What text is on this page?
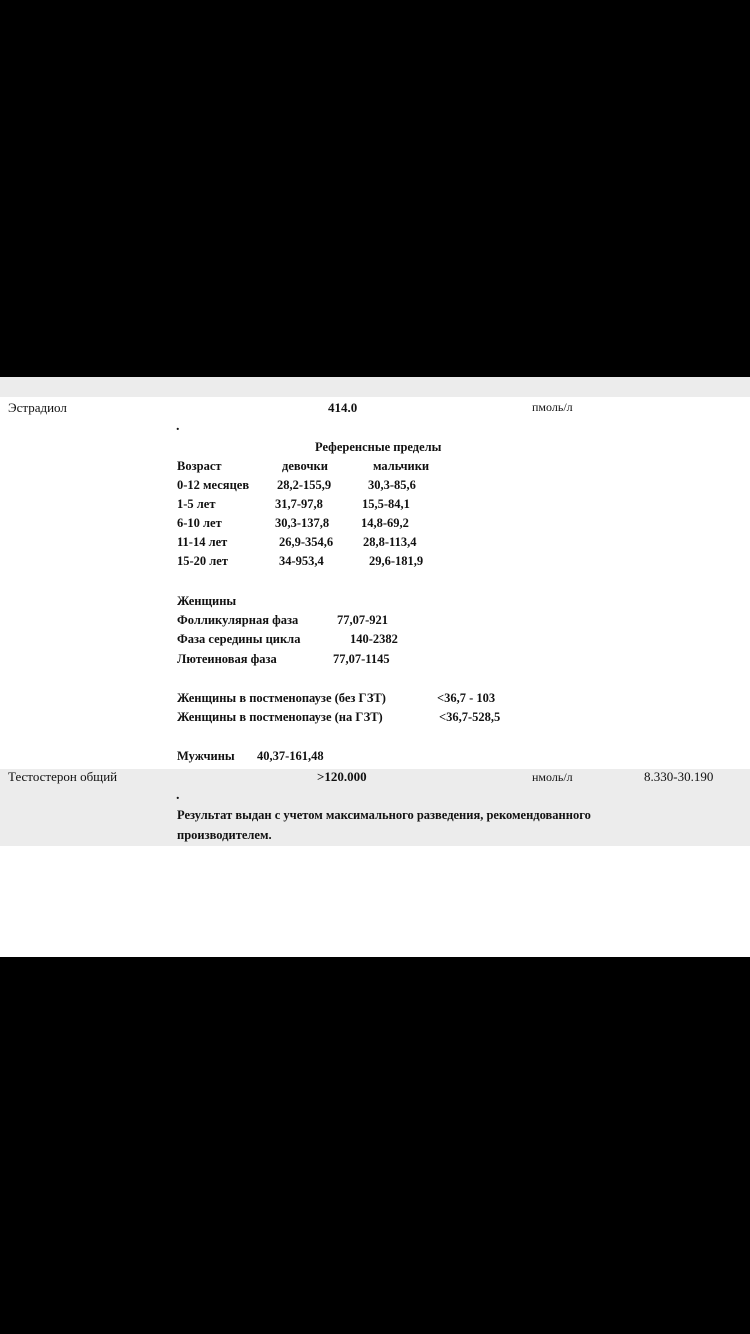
Эстрадиол	414.0	пмоль/л
.
Референсные пределы
Возраст	девочки	мальчики
0-12 месяцев 28,2-155,9	30,3-85,6
1-5 лет	31,7-97,8	15,5-84,1
6-10 лет	30,3-137,8	14,8-69,2
11-14 лет	26,9-354,6 28,8-113,4
15-20 лет	34-953,4	29,6-181,9
Женщины
Фолликулярная фаза	77,07-921
Фаза середины цикла	140-2382
Лютеиновая фаза	77,07-1145
Женщины в постменопаузе (без ГЗТ)	<36,7 - 103
Женщины в постменопаузе (на ГЗТ)	<36,7-528,5
Мужчины 40,37-161,48
Тестостерон общий	>120.000	нмоль/л	8.330-30.190
.
Результат выдан с учетом максимального разведения, рекомендованного
производителем.
